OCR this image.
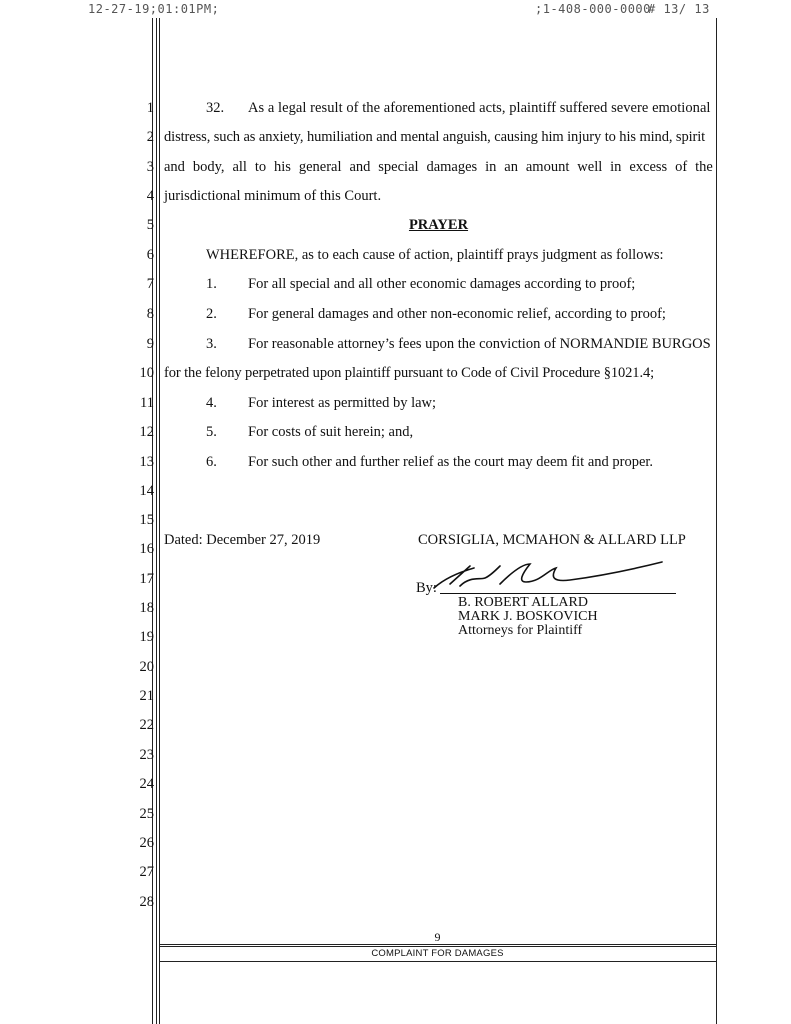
12-27-19;01:01PM;	;1-408-000-0000
# 13/ 13
1
2
3
4
5
6
7
8
9
10
11
12
13
14
15
16
17
18
19
20
21
22
23
24
25
26
27
28
32. As a legal result of the aforementioned acts, plaintiff suffered severe emotional
distress, such as anxiety, humiliation and mental anguish, causing him injury to his mind, spirit
and body, all to his general and special damages in an amount well in excess of the
jurisdictional minimum of this Court.
PRAYER
WHEREFORE, as to each cause of action, plaintiff prays judgment as follows:
1. For all special and all other economic damages according to proof;
2. For general damages and other non-economic relief, according to proof;
3. For reasonable attorney’s fees upon the conviction of NORMANDIE BURGOS
for the felony perpetrated upon plaintiff pursuant to Code of Civil Procedure §1021.4;
4. For interest as permitted by law;
5. For costs of suit herein; and,
6. For such other and further relief as the court may deem fit and proper.
Dated: December 27, 2019	CORSIGLIA, MCMAHON & ALLARD LLP
By:
B. ROBERT ALLARD
MARK J. BOSKOVICH
Attorneys for Plaintiff
9
COMPLAINT FOR DAMAGES
